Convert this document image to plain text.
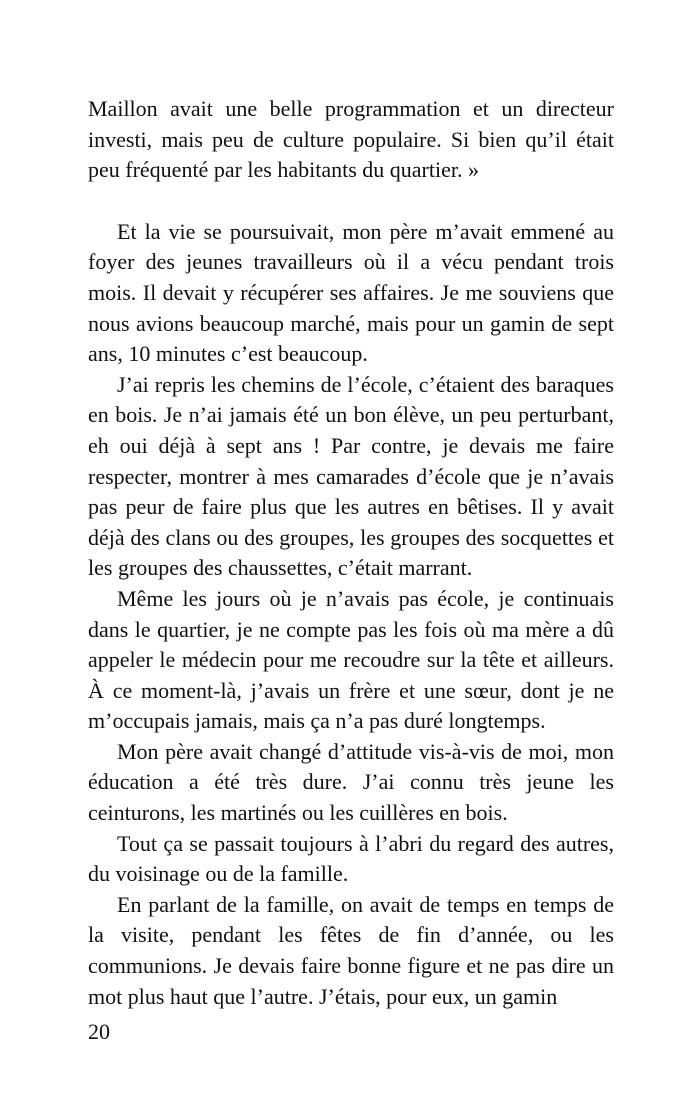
Maillon avait une belle programmation et un directeur investi, mais peu de culture populaire. Si bien qu’il était peu fréquenté par les habitants du quartier. »

Et la vie se poursuivait, mon père m’avait emmené au foyer des jeunes travailleurs où il a vécu pendant trois mois. Il devait y récupérer ses affaires. Je me souviens que nous avions beaucoup marché, mais pour un gamin de sept ans, 10 minutes c’est beaucoup.

J’ai repris les chemins de l’école, c’étaient des baraques en bois. Je n’ai jamais été un bon élève, un peu perturbant, eh oui déjà à sept ans ! Par contre, je devais me faire respecter, montrer à mes camarades d’école que je n’avais pas peur de faire plus que les autres en bêtises. Il y avait déjà des clans ou des groupes, les groupes des socquettes et les groupes des chaussettes, c’était marrant.

Même les jours où je n’avais pas école, je continuais dans le quartier, je ne compte pas les fois où ma mère a dû appeler le médecin pour me recoudre sur la tête et ailleurs. À ce moment-là, j’avais un frère et une sœur, dont je ne m’occupais jamais, mais ça n’a pas duré longtemps.

Mon père avait changé d’attitude vis-à-vis de moi, mon éducation a été très dure. J’ai connu très jeune les ceinturons, les martinés ou les cuillères en bois.

Tout ça se passait toujours à l’abri du regard des autres, du voisinage ou de la famille.

En parlant de la famille, on avait de temps en temps de la visite, pendant les fêtes de fin d’année, ou les communions. Je devais faire bonne figure et ne pas dire un mot plus haut que l’autre. J’étais, pour eux, un gamin

20
